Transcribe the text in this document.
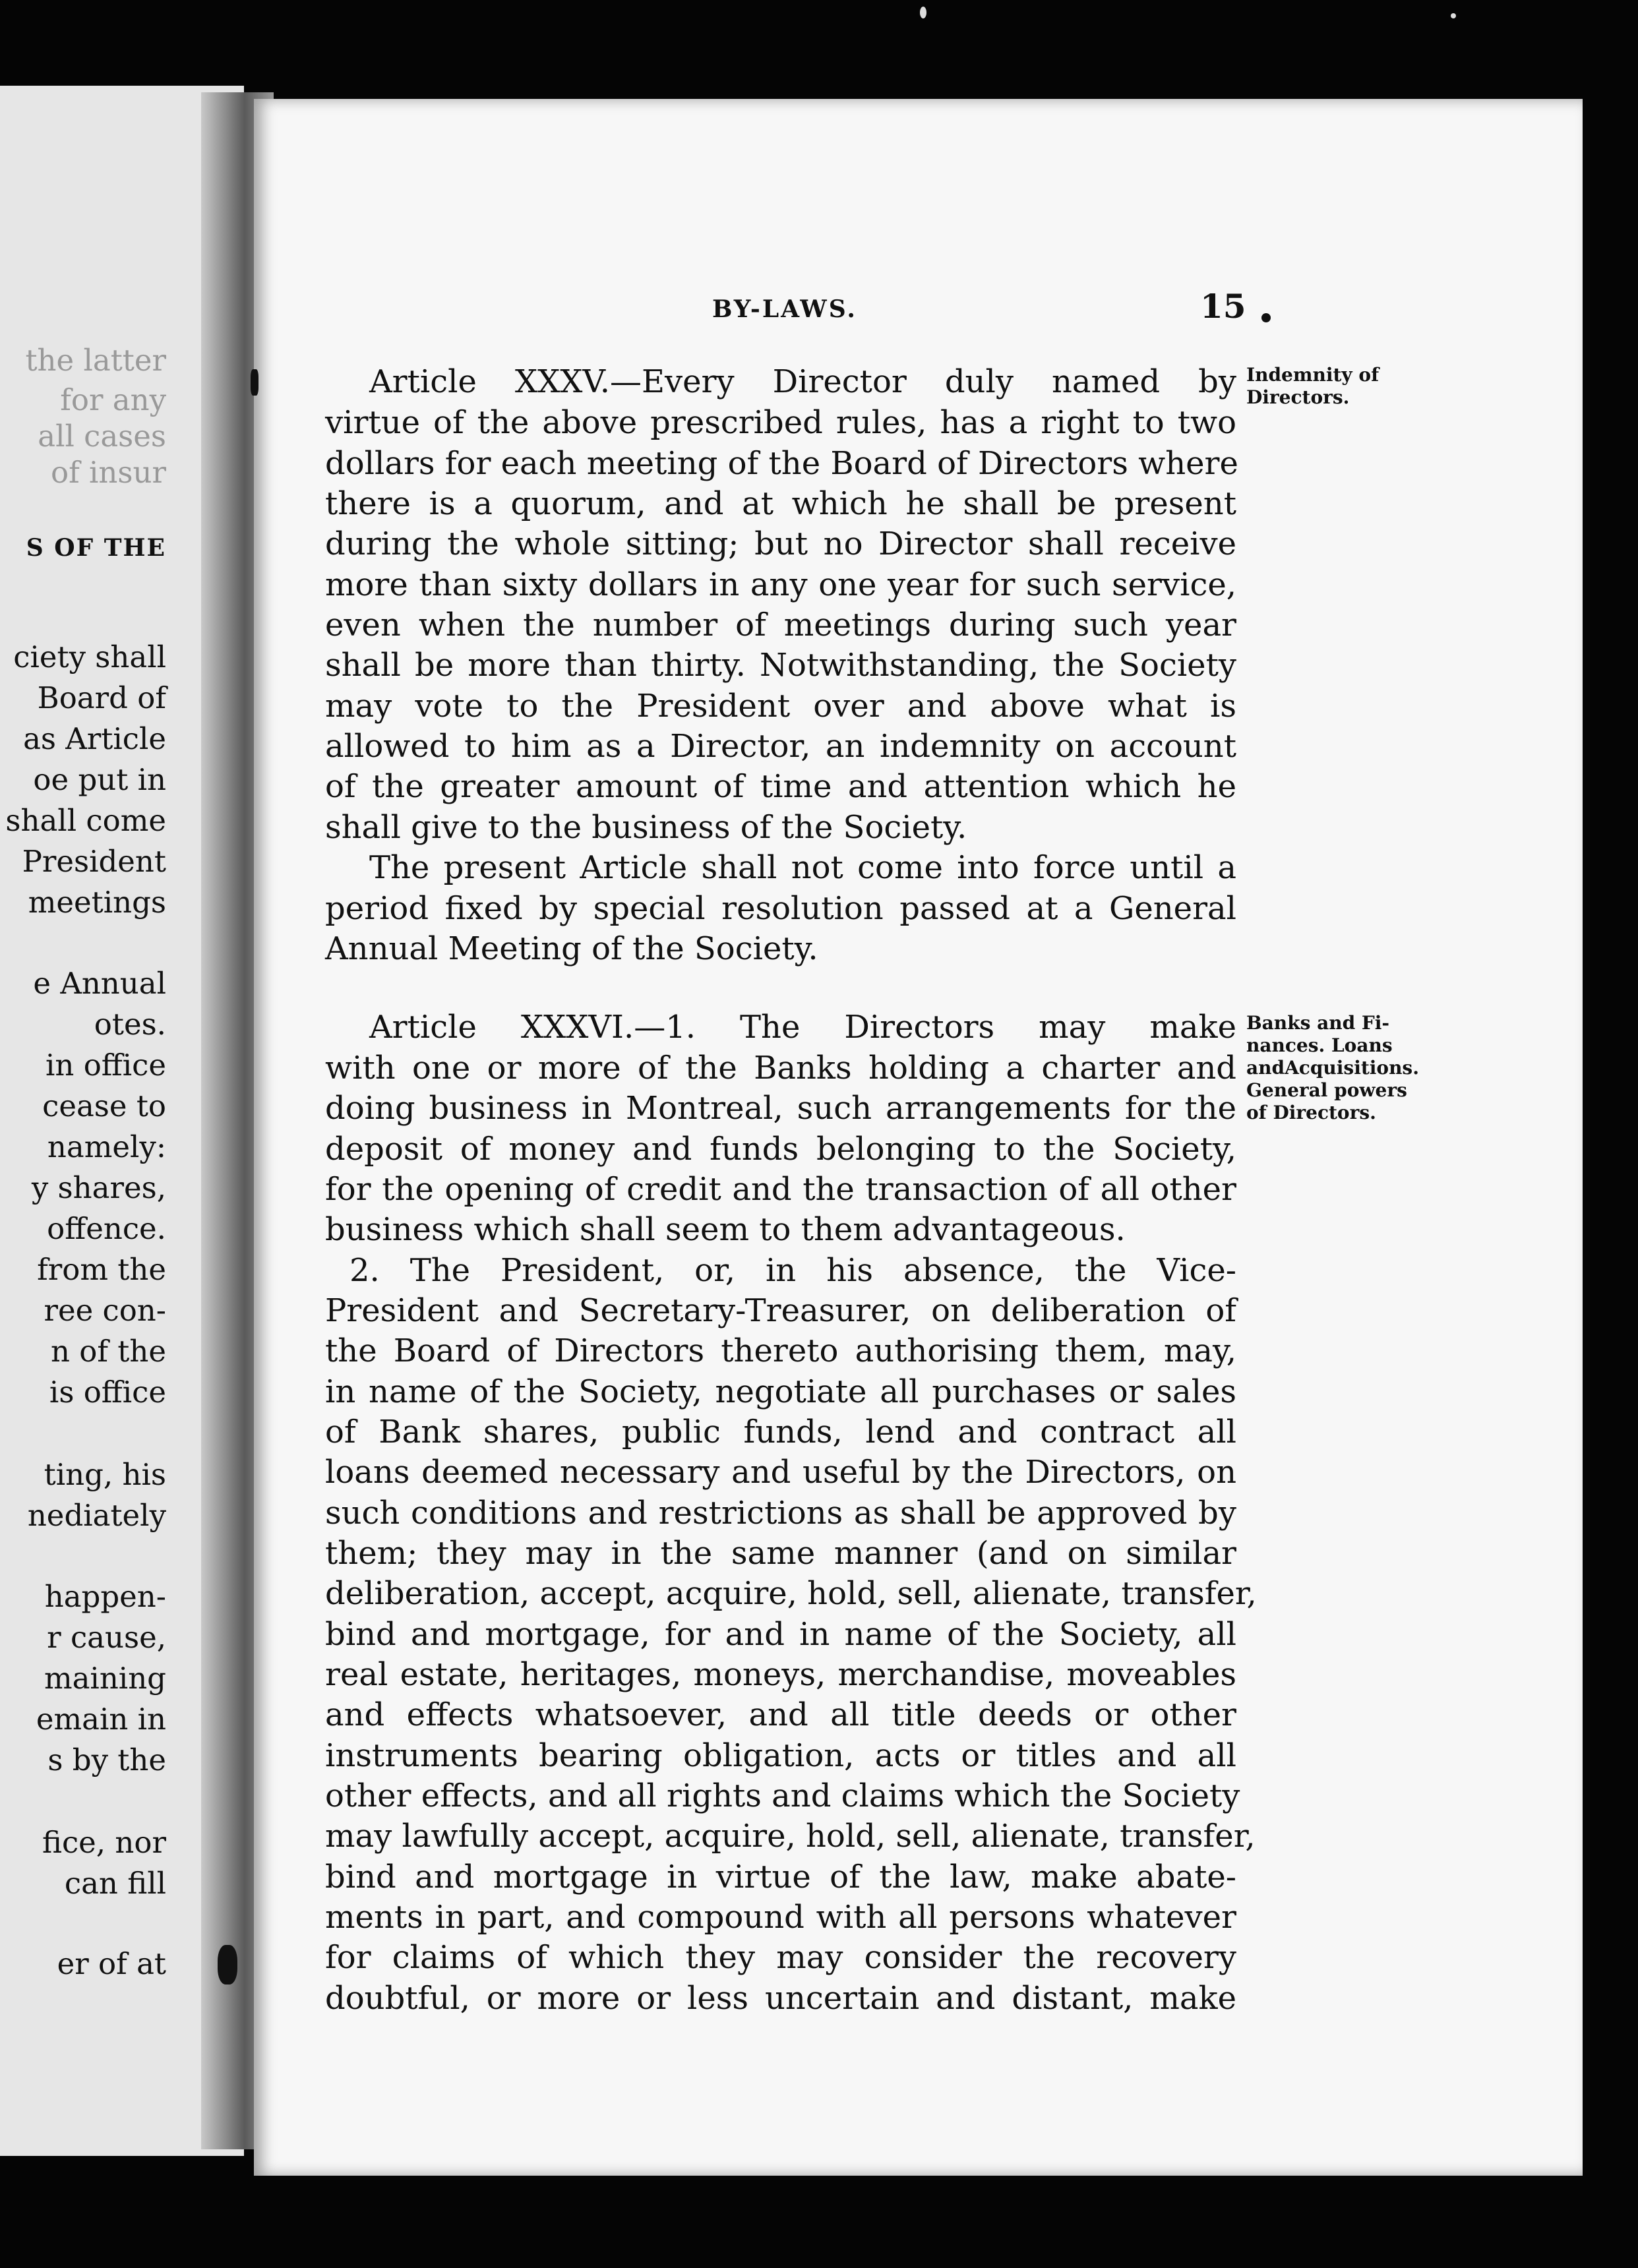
the latter
for any
all cases
of insur
S OF THE
ciety shall
Board of
as Article
oe put in
shall come
President
meetings
e Annual
otes.
in office
cease to
namely:
y shares,
offence.
from the
ree con-
n of the
is office
ting, his
nediately
happen-
r cause,
maining
emain in
s by the
fice, nor
can fill
er of at
BY-LAWS.	15
Article XXXV.—Every Director duly named by
virtue of the above prescribed rules, has a right to two
dollars for each meeting of the Board of Directors where
there is a quorum, and at which he shall be present
during the whole sitting; but no Director shall receive
more than sixty dollars in any one year for such service,
even when the number of meetings during such year
shall be more than thirty. Notwithstanding, the Society
may vote to the President over and above what is
allowed to him as a Director, an indemnity on account
of the greater amount of time and attention which he
shall give to the business of the Society.
The present Article shall not come into force until a
period fixed by special resolution passed at a General
Annual Meeting of the Society.
Article XXXVI.—1. The Directors may make
with one or more of the Banks holding a charter and
doing business in Montreal, such arrangements for the
deposit of money and funds belonging to the Society,
for the opening of credit and the transaction of all other
business which shall seem to them advantageous.
2. The President, or, in his absence, the Vice-
President and Secretary-Treasurer, on deliberation of
the Board of Directors thereto authorising them, may,
in name of the Society, negotiate all purchases or sales
of Bank shares, public funds, lend and contract all
loans deemed necessary and useful by the Directors, on
such conditions and restrictions as shall be approved by
them; they may in the same manner (and on similar
deliberation, accept, acquire, hold, sell, alienate, transfer,
bind and mortgage, for and in name of the Society, all
real estate, heritages, moneys, merchandise, moveables
and effects whatsoever, and all title deeds or other
instruments bearing obligation, acts or titles and all
other effects, and all rights and claims which the Society
may lawfully accept, acquire, hold, sell, alienate, transfer,
bind and mortgage in virtue of the law, make abate-
ments in part, and compound with all persons whatever
for claims of which they may consider the recovery
doubtful, or more or less uncertain and distant, make
Indemnity of
Directors.
Banks and Fi-
nances. Loans
andAcquisitions.
General powers
of Directors.
